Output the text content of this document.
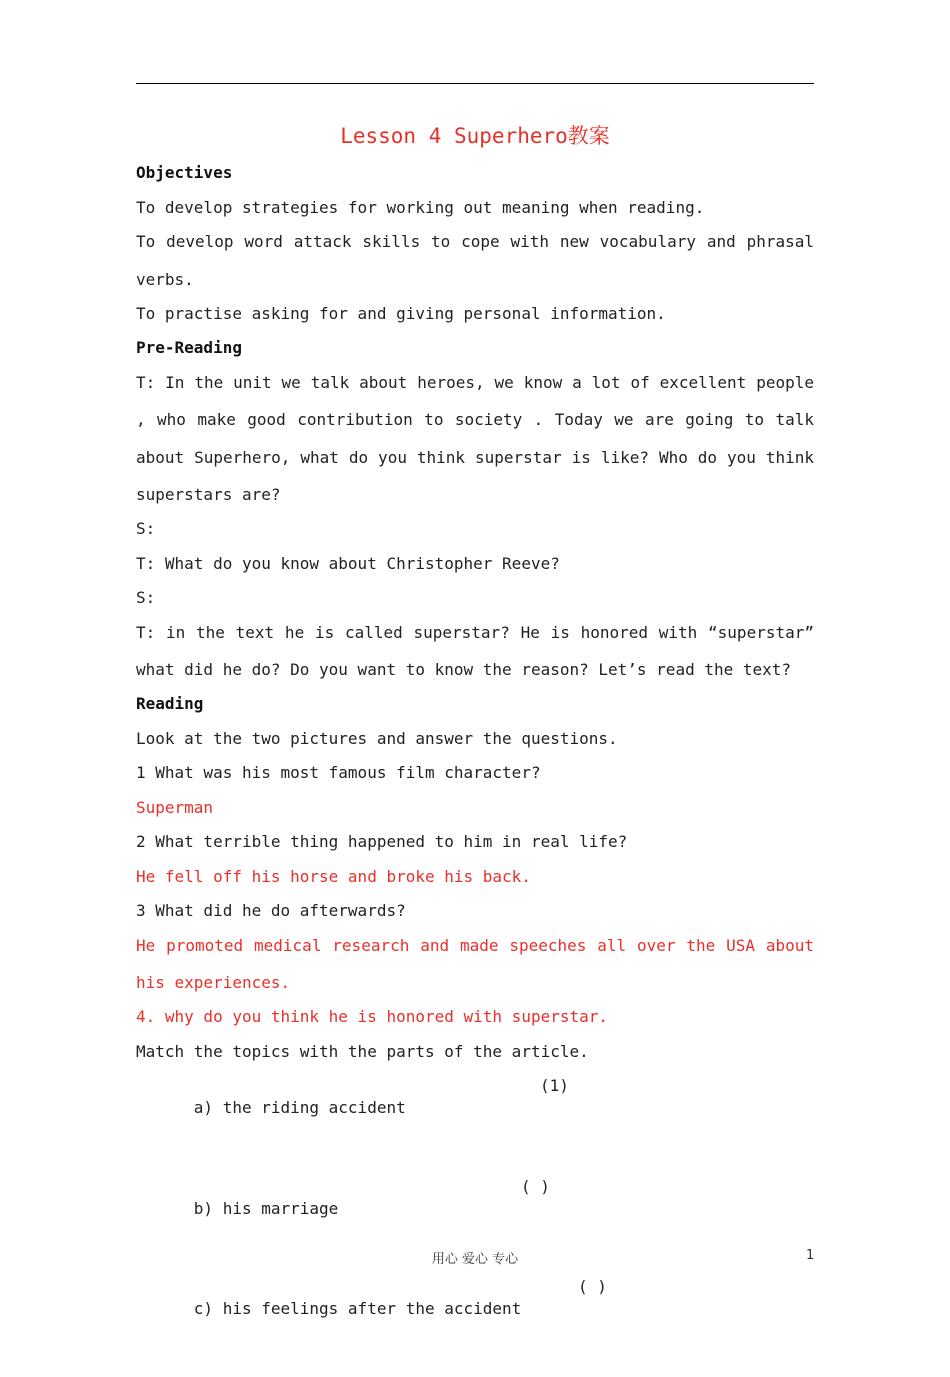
Lesson 4 Superhero教案
Objectives
To develop strategies for working out meaning when reading.
To develop word attack skills to cope with new vocabulary and phrasal verbs.
To practise asking for and giving personal information.
Pre-Reading
T: In the unit we talk about heroes, we know a lot of excellent people , who make good contribution to society . Today we are going to talk about Superhero, what do you think superstar is like? Who do you think superstars are?
S:
T: What do you know about Christopher Reeve?
S:
T: in the text he is called superstar? He is honored with “superstar” what did he do? Do you want to know the reason? Let’s read the text?
Reading
Look at the two pictures and answer the questions.
1 What was his most famous film character?
Superman
2 What terrible thing happened to him in real life?
He fell off his horse and broke his back.
3 What did he do afterwards?
He promoted medical research and made speeches all over the USA about his experiences.
4. why do you think he is honored with superstar.
Match the topics with the parts of the article.

a) the riding accident

(1)

b) his marriage

( )

c) his feelings after the accident

( )

用心 爱心 专心	1
